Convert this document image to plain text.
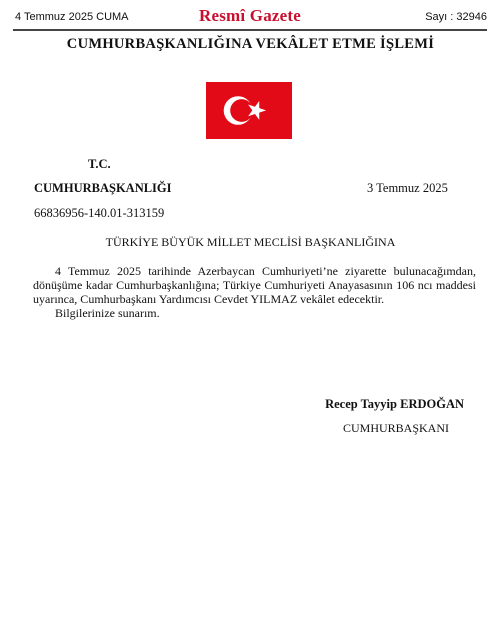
4 Temmuz 2025 CUMA	Resmî Gazete	Sayı : 32946
CUMHURBAŞKANLIĞINA VEKÂLET ETME İŞLEMİ
T.C.
CUMHURBAŞKANLIĞI	3 Temmuz 2025
66836956-140.01-313159
TÜRKİYE BÜYÜK MİLLET MECLİSİ BAŞKANLIĞINA

4 Temmuz 2025 tarihinde Azerbaycan Cumhuriyeti’ne ziyarette bulunacağımdan, dönüşüme kadar Cumhurbaşkanlığına; Türkiye Cumhuriyeti Anayasasının 106 ncı maddesi uyarınca, Cumhurbaşkanı Yardımcısı Cevdet YILMAZ vekâlet edecektir.

Bilgilerinize sunarım.
Recep Tayyip ERDOĞAN
CUMHURBAŞKANI
